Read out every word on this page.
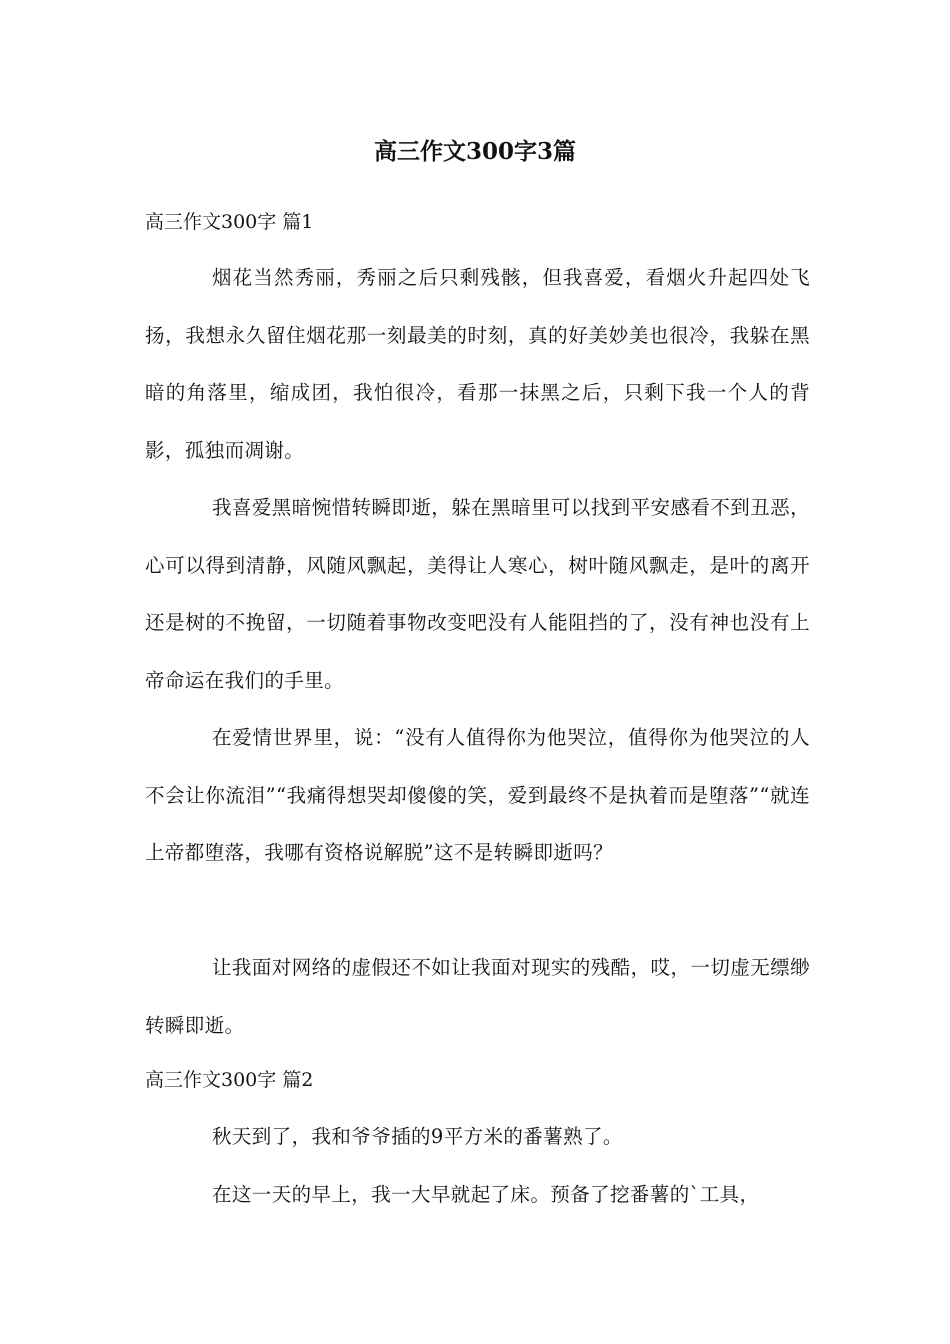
高三作文300字3篇
高三作文300字 篇1

烟花当然秀丽，秀丽之后只剩残骸，但我喜爱，看烟火升起四处飞扬，我想永久留住烟花那一刻最美的时刻，真的好美妙美也很冷，我躲在黑暗的角落里，缩成团，我怕很冷，看那一抹黑之后，只剩下我一个人的背影，孤独而凋谢。

我喜爱黑暗惋惜转瞬即逝，躲在黑暗里可以找到平安感看不到丑恶，心可以得到清静，风随风飘起，美得让人寒心，树叶随风飘走，是叶的离开还是树的不挽留，一切随着事物改变吧没有人能阻挡的了，没有神也没有上帝命运在我们的手里。

在爱情世界里，说：“没有人值得你为他哭泣，值得你为他哭泣的人不会让你流泪”“我痛得想哭却傻傻的笑，爱到最终不是执着而是堕落”“就连上帝都堕落，我哪有资格说解脱”这不是转瞬即逝吗？

让我面对网络的虚假还不如让我面对现实的残酷，哎，一切虚无缥缈转瞬即逝。

高三作文300字 篇2

秋天到了，我和爷爷插的9平方米的番薯熟了。

在这一天的早上，我一大早就起了床。预备了挖番薯的`工具，
